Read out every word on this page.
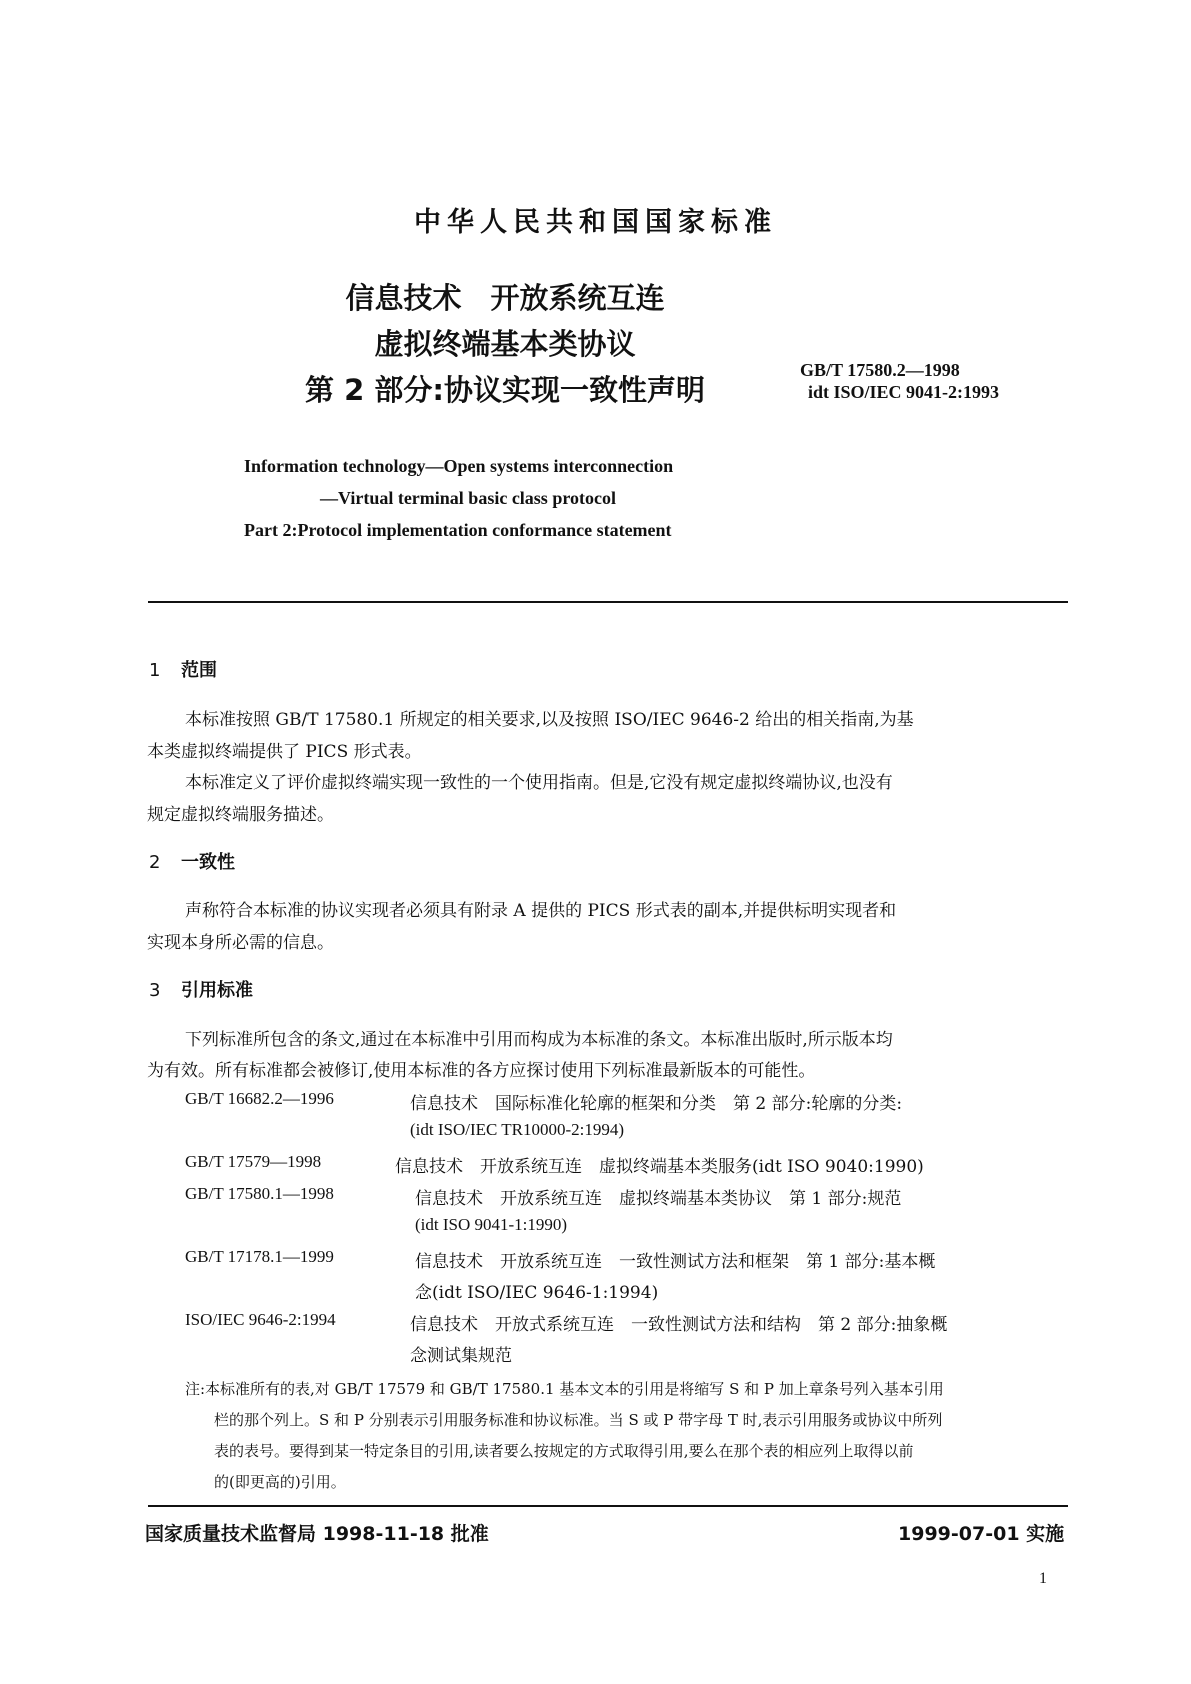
中华人民共和国国家标准
信息技术　开放系统互连
虚拟终端基本类协议
第 2 部分:协议实现一致性声明
GB/T 17580.2—1998
idt ISO/IEC 9041-2:1993
Information technology—Open systems interconnection
—Virtual terminal basic class protocol
Part 2:Protocol implementation conformance statement
1 范围
本标准按照 GB/T 17580.1 所规定的相关要求,以及按照 ISO/IEC 9646-2 给出的相关指南,为基
本类虚拟终端提供了 PICS 形式表。
本标准定义了评价虚拟终端实现一致性的一个使用指南。但是,它没有规定虚拟终端协议,也没有
规定虚拟终端服务描述。
2 一致性
声称符合本标准的协议实现者必须具有附录 A 提供的 PICS 形式表的副本,并提供标明实现者和
实现本身所必需的信息。
3 引用标准
下列标准所包含的条文,通过在本标准中引用而构成为本标准的条文。本标准出版时,所示版本均
为有效。所有标准都会被修订,使用本标准的各方应探讨使用下列标准最新版本的可能性。
GB/T 16682.2—1996	信息技术　国际标准化轮廓的框架和分类　第 2 部分:轮廓的分类:
(idt ISO/IEC TR10000-2:1994)
GB/T 17579—1998	信息技术　开放系统互连　虚拟终端基本类服务(idt ISO 9040:1990)
GB/T 17580.1—1998	信息技术　开放系统互连　虚拟终端基本类协议　第 1 部分:规范
(idt ISO 9041-1:1990)
GB/T 17178.1—1999	信息技术　开放系统互连　一致性测试方法和框架　第 1 部分:基本概
念(idt ISO/IEC 9646-1:1994)
ISO/IEC 9646-2:1994	信息技术　开放式系统互连　一致性测试方法和结构　第 2 部分:抽象概
念测试集规范
注:本标准所有的表,对 GB/T 17579 和 GB/T 17580.1 基本文本的引用是将缩写 S 和 P 加上章条号列入基本引用
栏的那个列上。S 和 P 分别表示引用服务标准和协议标准。当 S 或 P 带字母 T 时,表示引用服务或协议中所列
表的表号。要得到某一特定条目的引用,读者要么按规定的方式取得引用,要么在那个表的相应列上取得以前
的(即更高的)引用。
国家质量技术监督局 1998-11-18 批准	1999-07-01 实施
1
